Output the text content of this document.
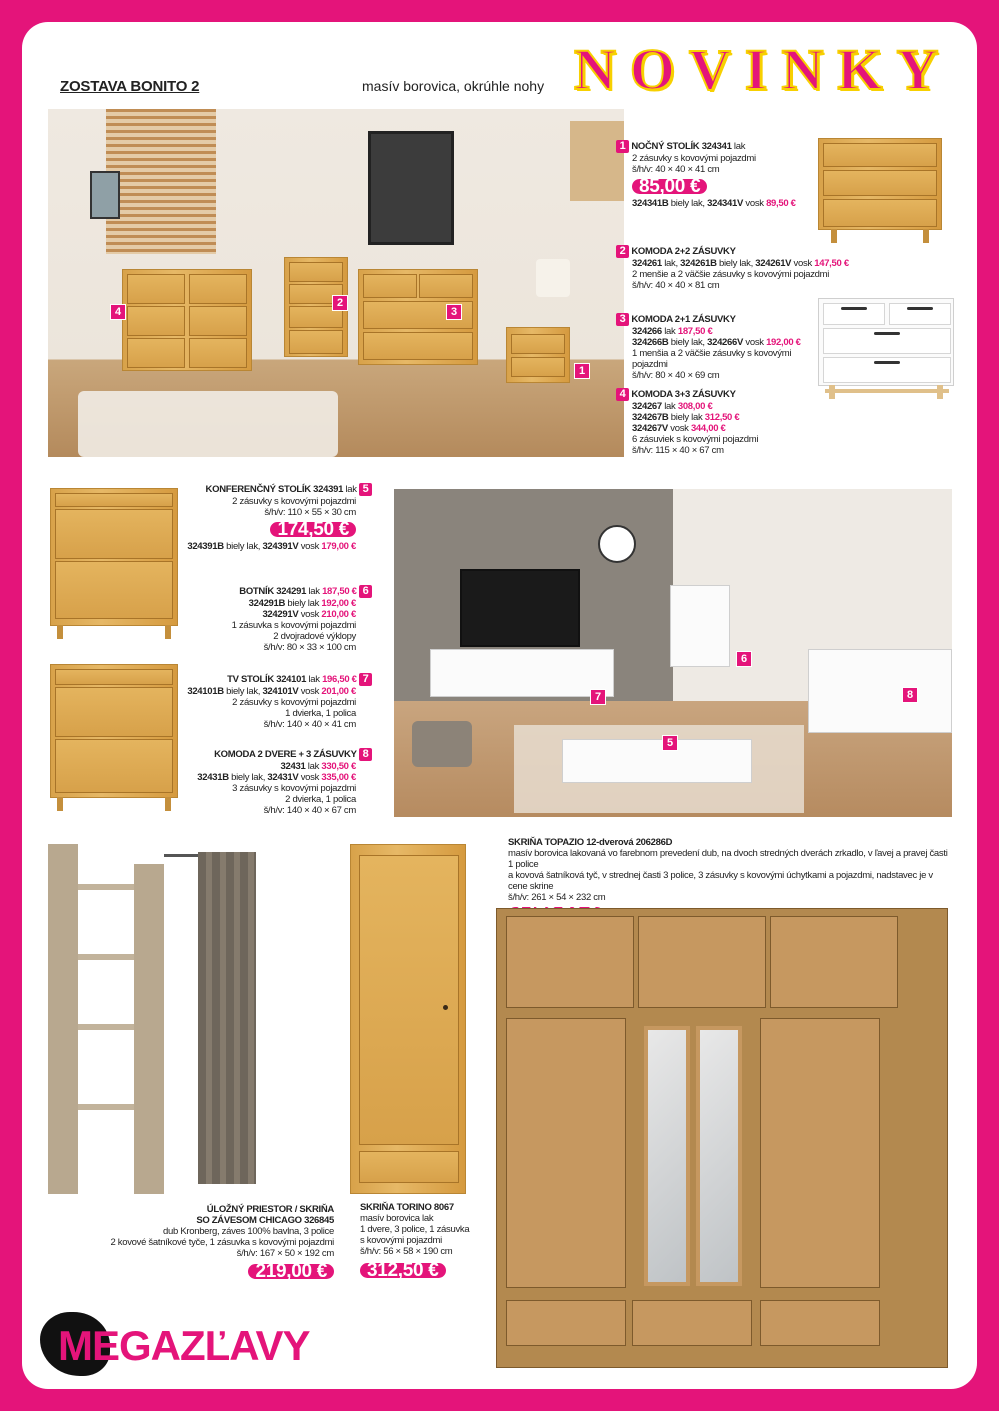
ZOSTAVA BONITO 2	masív borovica, okrúhle nohy NOVINKY
4
2
3
1
1 NOČNÝ STOLÍK 324341 lak
2 zásuvky s kovovými pojazdmi
š/h/v: 40 × 40 × 41 cm
85,00 €
324341B biely lak, 324341V vosk 89,50 €
2 KOMODA 2+2 ZÁSUVKY
324261 lak, 324261B biely lak, 324261V vosk 147,50 €
2 menšie a 2 väčšie zásuvky s kovovými pojazdmi
š/h/v: 40 × 40 × 81 cm
3 KOMODA 2+1 ZÁSUVKY
324266 lak 187,50 €
324266B biely lak, 324266V vosk 192,00 €
1 menšia a 2 väčšie zásuvky s kovovými pojazdmi
š/h/v: 80 × 40 × 69 cm
4 KOMODA 3+3 ZÁSUVKY
324267 lak 308,00 €
324267B biely lak 312,50 €
324267V vosk 344,00 €
6 zásuviek s kovovými pojazdmi
š/h/v: 115 × 40 × 67 cm
KONFERENČNÝ STOLÍK 324391 lak 5
2 zásuvky s kovovými pojazdmi
š/h/v: 110 × 55 × 30 cm
174,50 €
324391B biely lak, 324391V vosk 179,00 €
BOTNÍK 324291 lak 187,50 € 6
324291B biely lak 192,00 €
324291V vosk 210,00 €
1 zásuvka s kovovými pojazdmi
2 dvojradové výklopy
š/h/v: 80 × 33 × 100 cm
TV STOLÍK 324101 lak 196,50 € 7
324101B biely lak, 324101V vosk 201,00 €
2 zásuvky s kovovými pojazdmi
1 dvierka, 1 polica
š/h/v: 140 × 40 × 41 cm
KOMODA 2 DVERE + 3 ZÁSUVKY 8
32431 lak 330,50 €
32431B biely lak, 32431V vosk 335,00 €
3 zásuvky s kovovými pojazdmi
2 dvierka, 1 polica
š/h/v: 140 × 40 × 67 cm
5
6
7	8
SKRIŇA TOPAZIO 12-dverová 206286D
masív borovica lakovaná vo farebnom prevedení dub, na dvoch stredných dverách zrkadlo, v ľavej a pravej časti 1 police
a kovová šatníková tyč, v strednej časti 3 police, 3 zásuvky s kovovými úchytkami a pojazdmi, nadstavec je v cene skrine
š/h/v: 261 × 54 × 232 cm
ÚLOŽNÝ PRIESTOR / SKRIŇA
SO ZÁVESOM CHICAGO 326845
dub Kronberg, záves 100% bavlna, 3 police
2 kovové šatníkové tyče, 1 zásuvka s kovovými pojazdmi
š/h/v: 167 × 50 × 192 cm
219,00 €
SKRIŇA TORINO 8067
masív borovica lak
1 dvere, 3 police, 1 zásuvka
s kovovými pojazdmi
š/h/v: 56 × 58 × 190 cm
312,50 €
MEGAZĽAVY
